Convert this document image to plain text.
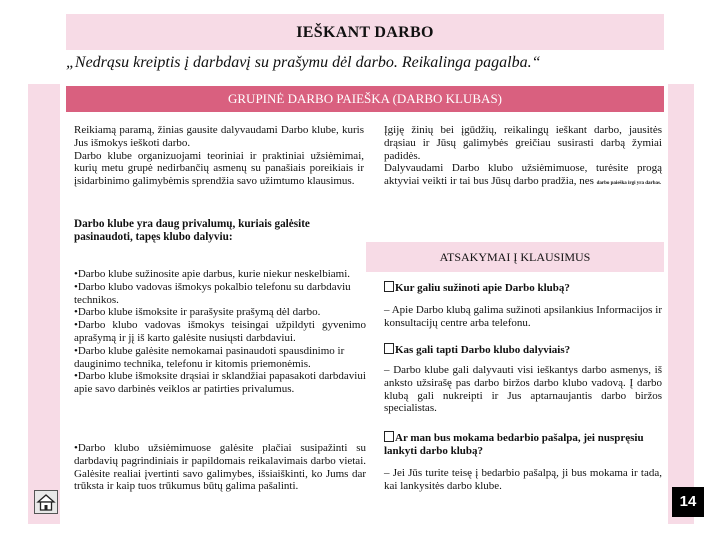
IEŠKANT DARBO
„Nedrąsu kreiptis į darbdavį su prašymu dėl darbo. Reikalinga pagalba.“
GRUPINĖ DARBO PAIEŠKA (DARBO KLUBAS)
Reikiamą paramą, žinias gausite dalyvaudami Darbo klube, kuris Jus išmokys ieškoti darbo.
Darbo klube organizuojami teoriniai ir praktiniai užsiėmimai, kurių metu grupė nedirbančių asmenų su panašiais poreikiais ir įsidarbinimo galimybėmis sprendžia savo užimtumo klausimus.
Darbo klube yra daug privalumų, kuriais galėsite pasinaudoti, tapęs klubo dalyviu:
Įgiję žinių bei įgūdžių, reikalingų ieškant darbo, jausitės drąsiau ir Jūsų galimybės greičiau susirasti darbą žymiai padidės.
Dalyvaudami Darbo klubo užsiėmimuose, turėsite progą aktyviai veikti ir tai bus Jūsų darbo pradžia, nes darbo paieška irgi yra darbas.
ATSAKYMAI Į KLAUSIMUS
•Darbo klube sužinosite apie darbus, kurie niekur neskelbiami.
•Darbo klubo vadovas išmokys pokalbio telefonu su darbdaviu technikos.
•Darbo klube išmoksite ir parašysite prašymą dėl darbo.
•Darbo klubo vadovas išmokys teisingai užpildyti gyvenimo aprašymą ir jį iš karto galėsite nusiųsti darbdaviui.
•Darbo klube galėsite nemokamai pasinaudoti spausdinimo ir dauginimo technika, telefonu ir kitomis priemonėmis.
•Darbo klube išmoksite drąsiai ir sklandžiai papasakoti darbdaviui apie savo darbinės veiklos ar patirties privalumus.
•Darbo klubo užsiėmimuose galėsite plačiai susipažinti su darbdavių pagrindiniais ir papildomais reikalavimais darbo vietai. Galėsite realiai įvertinti savo galimybes, išsiaiškinti, ko Jums dar trūksta ir kaip tuos trūkumus būtų galima pašalinti.
Kur galiu sužinoti apie Darbo klubą?
– Apie Darbo klubą galima sužinoti apsilankius Informacijos ir konsultacijų centre arba telefonu.
Kas gali tapti Darbo klubo dalyviais?
– Darbo klube gali dalyvauti visi ieškantys darbo asmenys, iš anksto užsirašę pas darbo biržos darbo klubo vadovą. Į darbo klubą gali nukreipti ir Jus aptarnaujantis darbo biržos specialistas.
Ar man bus mokama bedarbio pašalpa, jei nuspręsiu lankyti darbo klubą?
– Jei Jūs turite teisę į bedarbio pašalpą, ji bus mokama ir tada, kai lankysitės darbo klube.
14
